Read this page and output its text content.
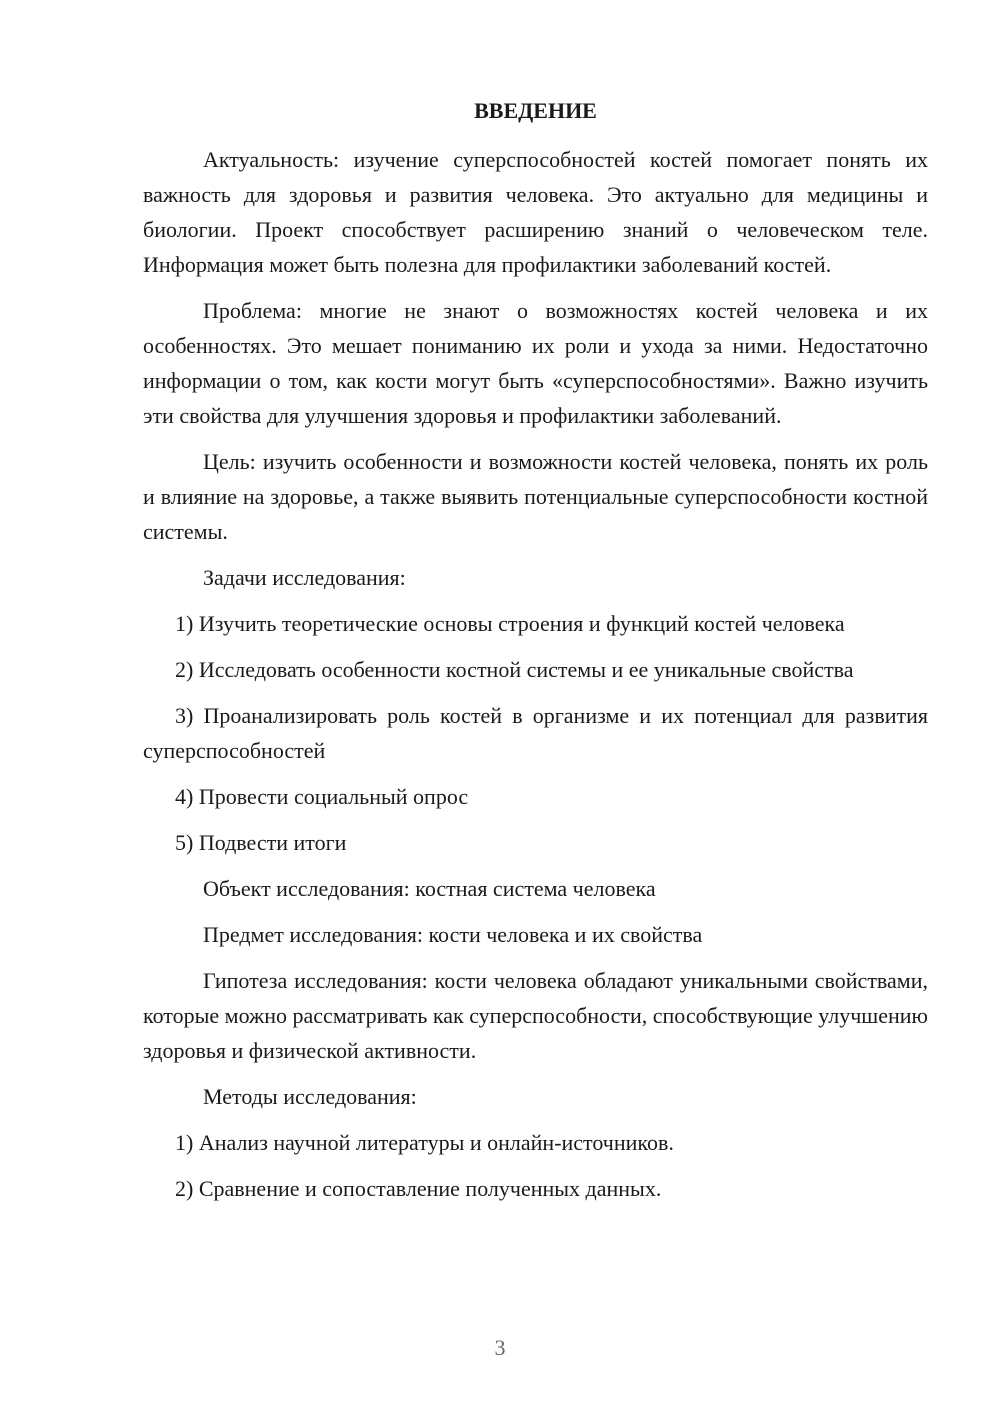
ВВЕДЕНИЕ

Актуальность: изучение суперспособностей костей помогает понять их важность для здоровья и развития человека. Это актуально для медицины и биологии. Проект способствует расширению знаний о человеческом теле. Информация может быть полезна для профилактики заболеваний костей.

Проблема: многие не знают о возможностях костей человека и их особенностях. Это мешает пониманию их роли и ухода за ними. Недостаточно информации о том, как кости могут быть «суперспособностями». Важно изучить эти свойства для улучшения здоровья и профилактики заболеваний.

Цель: изучить особенности и возможности костей человека, понять их роль и влияние на здоровье, а также выявить потенциальные суперспособности костной системы.

Задачи исследования:

1) Изучить теоретические основы строения и функций костей человека

2) Исследовать особенности костной системы и ее уникальные свойства

3) Проанализировать роль костей в организме и их потенциал для развития суперспособностей

4) Провести социальный опрос

5) Подвести итоги

Объект исследования: костная система человека

Предмет исследования: кости человека и их свойства

Гипотеза исследования: кости человека обладают уникальными свойствами, которые можно рассматривать как суперспособности, способствующие улучшению здоровья и физической активности.

Методы исследования:

1) Анализ научной литературы и онлайн-источников.

2) Сравнение и сопоставление полученных данных.

3
